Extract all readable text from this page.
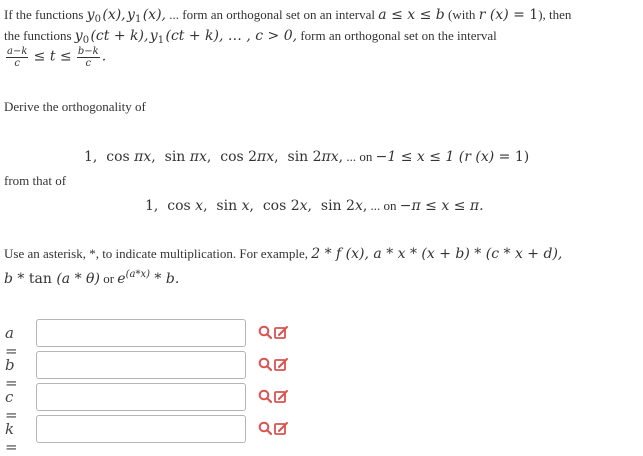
If the functions $y_0$ (x), $y_1$ (x), ... form an orthogonal set on an interval a ≤ x ≤ b (with r (x) = 1), then
the functions $y_0$ (ct + k), $y_1$ (ct + k), … , c > 0, form an orthogonal set on the interval
$\frac{a-k}{c} \le t \le \frac{b-k}{c}$ .
Derive the orthogonality of
1,  cos πx,  sin πx,  cos 2πx,  sin 2πx, ... on −1 ≤ x ≤ 1 (r (x) = 1)
from that of
1,  cos x,  sin x,  cos 2x,  sin 2x, ... on −π ≤ x ≤ π.
Use an asterisk, *, to indicate multiplication. For example, 2 * f (x), a * x * (x + b) * (c * x + d),
b * tan (a * θ) or $e^{(a*x)}$ * b.
a =
b =
c =
k =
